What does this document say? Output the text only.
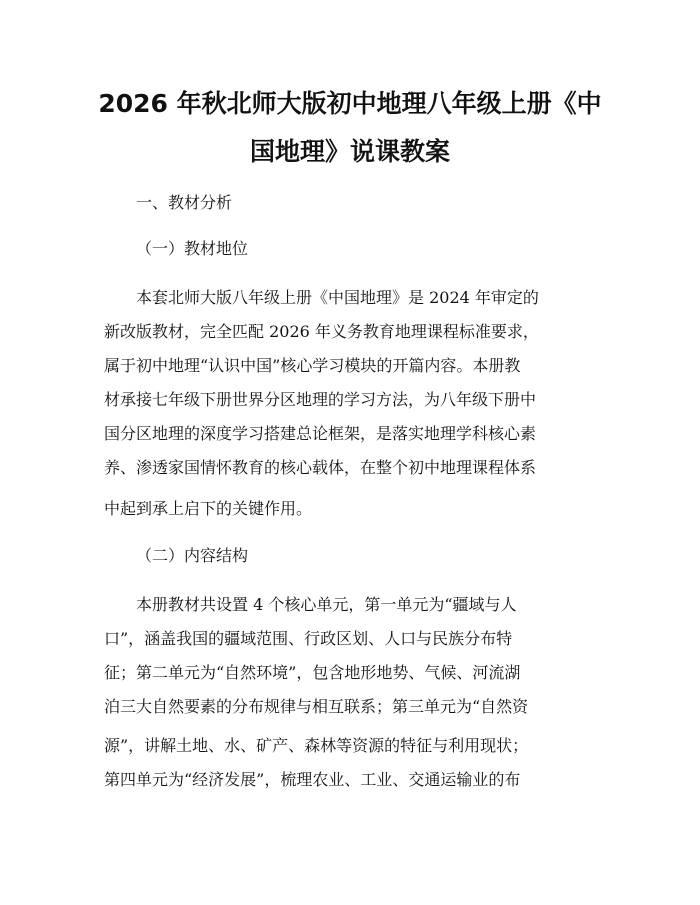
2026 年秋北师大版初中地理八年级上册《中
国地理》说课教案
一、教材分析
（一）教材地位
本套北师大版八年级上册《中国地理》是 2024 年审定的
新改版教材，完全匹配 2026 年义务教育地理课程标准要求，
属于初中地理“认识中国”核心学习模块的开篇内容。本册教
材承接七年级下册世界分区地理的学习方法，为八年级下册中
国分区地理的深度学习搭建总论框架，是落实地理学科核心素
养、渗透家国情怀教育的核心载体，在整个初中地理课程体系
中起到承上启下的关键作用。
（二）内容结构
本册教材共设置 4 个核心单元，第一单元为“疆域与人
口”，涵盖我国的疆域范围、行政区划、人口与民族分布特
征；第二单元为“自然环境”，包含地形地势、气候、河流湖
泊三大自然要素的分布规律与相互联系；第三单元为“自然资
源”，讲解土地、水、矿产、森林等资源的特征与利用现状；
第四单元为“经济发展”，梳理农业、工业、交通运输业的布
